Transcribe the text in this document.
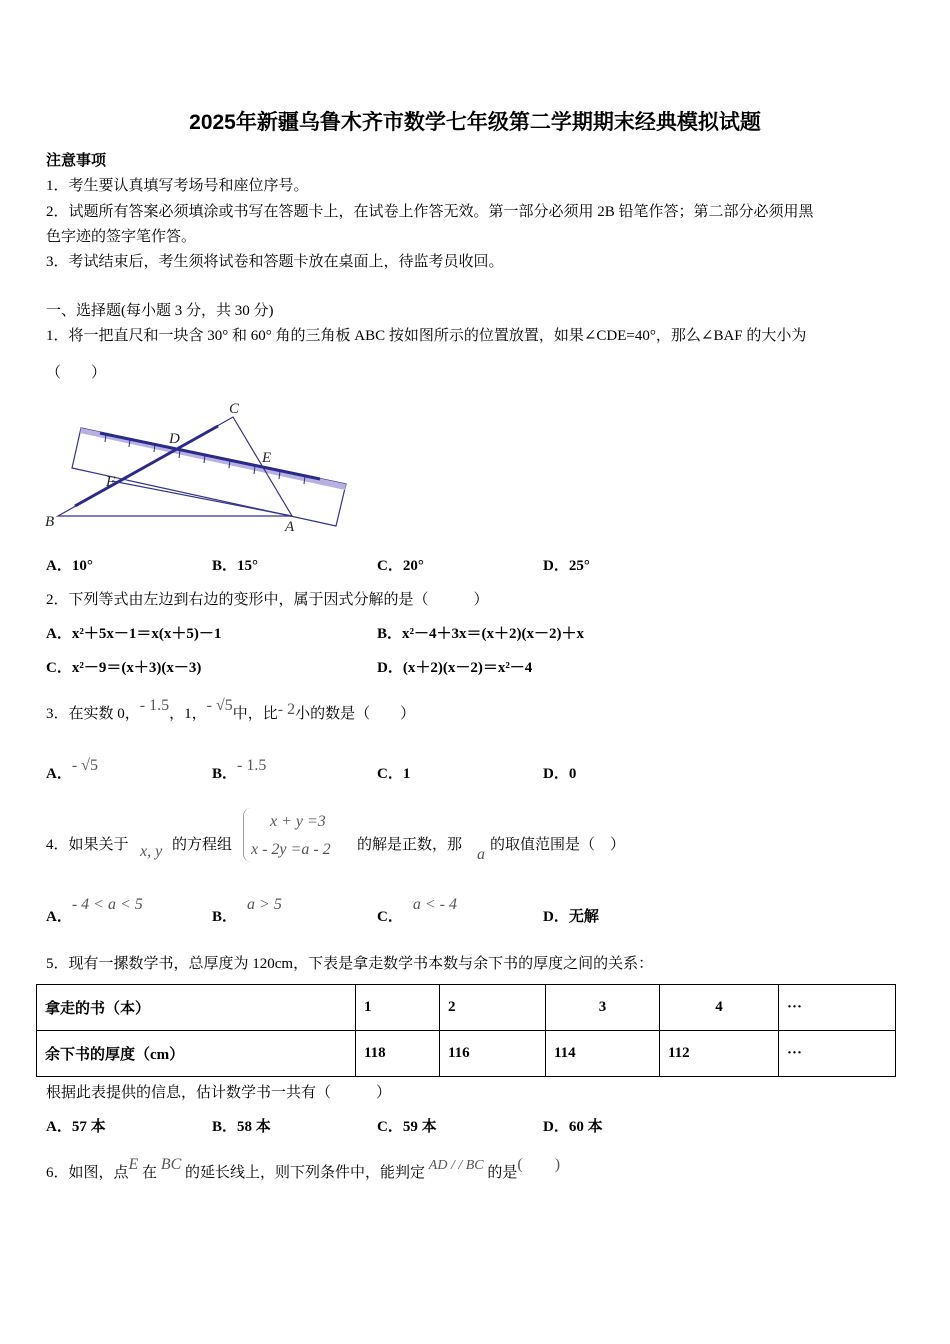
2025年新疆乌鲁木齐市数学七年级第二学期期末经典模拟试题
注意事项
1．考生要认真填写考场号和座位序号。
2．试题所有答案必须填涂或书写在答题卡上，在试卷上作答无效。第一部分必须用 2B 铅笔作答；第二部分必须用黑
色字迹的签字笔作答。
3．考试结束后，考生须将试卷和答题卡放在桌面上，待监考员收回。
一、选择题(每小题 3 分，共 30 分)
1．将一把直尺和一块含 30° 和 60° 角的三角板 ABC 按如图所示的位置放置，如果∠CDE=40°，那么∠BAF 的大小为
（　　）
C
D
E
F
B	A
A．10°	B．15°	C．20°	D．25°
2．下列等式由左边到右边的变形中，属于因式分解的是（　　　）
A．x²＋5x－1＝x(x＋5)－1	B．x²－4＋3x＝(x＋2)(x－2)＋x
C．x²－9＝(x＋3)(x－3)	D．(x＋2)(x－2)＝x²－4
3．在实数 0，- 1.5，1，- √5中，比- 2小的数是（　　）
A．- √5	B．- 1.5	C．1	D．0
4．如果关于 x, y 的方程组
x + y =3
x - 2y =a - 2 的解是正数，那
a
的取值范围是（　）
A．- 4 < a < 5
B．a > 5
C．a < - 4
D．无解
5．现有一摞数学书，总厚度为 120cm，下表是拿走数学书本数与余下书的厚度之间的关系：
拿走的书（本）	1	2	3	4	···
余下书的厚度（cm）	118	116	114	112	···
根据此表提供的信息，估计数学书一共有（　　　）
A．57 本	B．58 本	C．59 本	D．60 本
6．如图，点E 在 BC 的延长线上，则下列条件中，能判定 AD / / BC 的是(　　)
